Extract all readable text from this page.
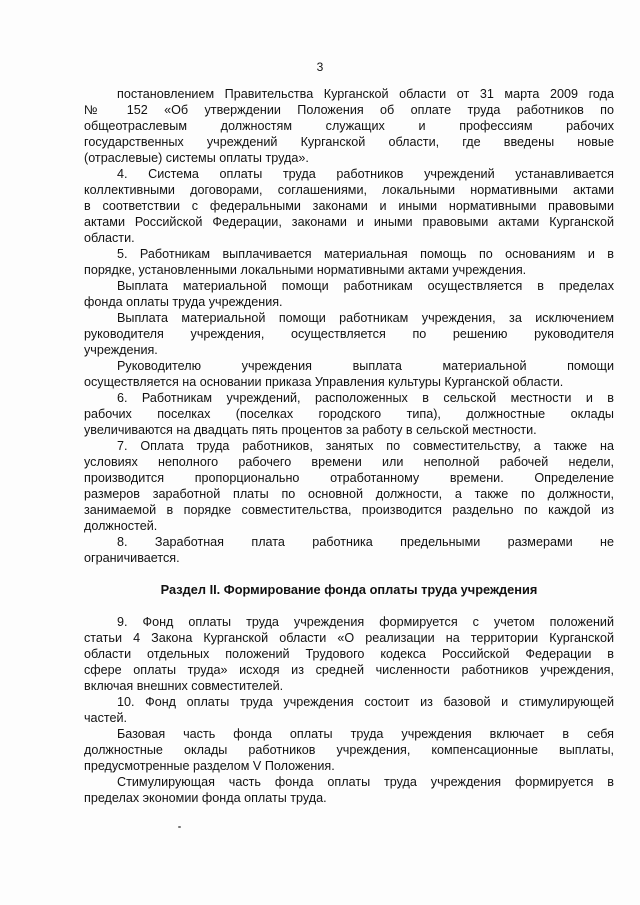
3
постановлением Правительства Курганской области от 31 марта 2009 года
№ 152 «Об утверждении Положения об оплате труда работников по
общеотраслевым должностям служащих и профессиям рабочих
государственных учреждений Курганской области, где введены новые
(отраслевые) системы оплаты труда».
4. Система оплаты труда работников учреждений устанавливается
коллективными договорами, соглашениями, локальными нормативными актами
в соответствии с федеральными законами и иными нормативными правовыми
актами Российской Федерации, законами и иными правовыми актами Курганской
области.
5. Работникам выплачивается материальная помощь по основаниям и в
порядке, установленными локальными нормативными актами учреждения.
Выплата материальной помощи работникам осуществляется в пределах
фонда оплаты труда учреждения.
Выплата материальной помощи работникам учреждения, за исключением
руководителя учреждения, осуществляется по решению руководителя
учреждения.
Руководителю учреждения выплата материальной помощи
осуществляется на основании приказа Управления культуры Курганской области.
6. Работникам учреждений, расположенных в сельской местности и в
рабочих поселках (поселках городского типа), должностные оклады
увеличиваются на двадцать пять процентов за работу в сельской местности.
7. Оплата труда работников, занятых по совместительству, а также на
условиях неполного рабочего времени или неполной рабочей недели,
производится пропорционально отработанному времени. Определение
размеров заработной платы по основной должности, а также по должности,
занимаемой в порядке совместительства, производится раздельно по каждой из
должностей.
8. Заработная плата работника предельными размерами не
ограничивается.
Раздел II. Формирование фонда оплаты труда учреждения
9. Фонд оплаты труда учреждения формируется с учетом положений
статьи 4 Закона Курганской области «О реализации на территории Курганской
области отдельных положений Трудового кодекса Российской Федерации в
сфере оплаты труда» исходя из средней численности работников учреждения,
включая внешних совместителей.
10. Фонд оплаты труда учреждения состоит из базовой и стимулирующей
частей.
Базовая часть фонда оплаты труда учреждения включает в себя
должностные оклады работников учреждения, компенсационные выплаты,
предусмотренные разделом V Положения.
Стимулирующая часть фонда оплаты труда учреждения формируется в
пределах экономии фонда оплаты труда.
